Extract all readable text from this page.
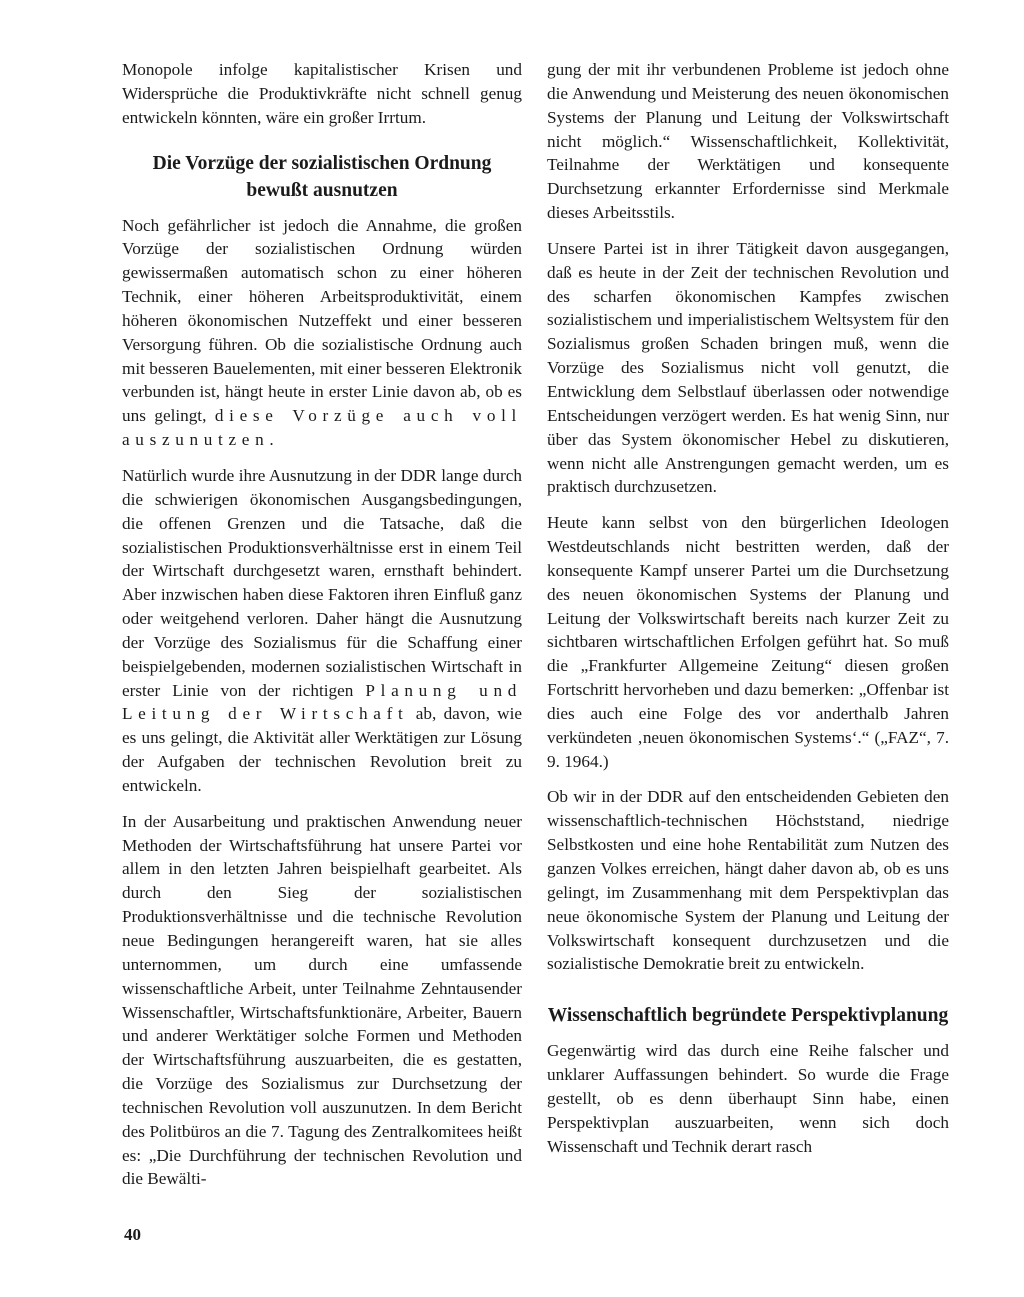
Monopole infolge kapitalistischer Krisen und Widersprüche die Produktivkräfte nicht schnell genug entwickeln könnten, wäre ein großer Irrtum.

Die Vorzüge der sozialistischen Ordnung bewußt ausnutzen

Noch gefährlicher ist jedoch die Annahme, die großen Vorzüge der sozialistischen Ordnung würden gewissermaßen automatisch schon zu einer höheren Technik, einer höheren Arbeitsproduktivität, einem höheren ökonomischen Nutzeffekt und einer besseren Versorgung führen. Ob die sozialistische Ordnung auch mit besseren Bauelementen, mit einer besseren Elektronik verbunden ist, hängt heute in erster Linie davon ab, ob es uns gelingt, diese Vorzüge auch voll auszunutzen.

Natürlich wurde ihre Ausnutzung in der DDR lange durch die schwierigen ökonomischen Ausgangsbedingungen, die offenen Grenzen und die Tatsache, daß die sozialistischen Produktionsverhältnisse erst in einem Teil der Wirtschaft durchgesetzt waren, ernsthaft behindert. Aber inzwischen haben diese Faktoren ihren Einfluß ganz oder weitgehend verloren. Daher hängt die Ausnutzung der Vorzüge des Sozialismus für die Schaffung einer beispielgebenden, modernen sozialistischen Wirtschaft in erster Linie von der richtigen Planung und Leitung der Wirtschaft ab, davon, wie es uns gelingt, die Aktivität aller Werktätigen zur Lösung der Aufgaben der technischen Revolution breit zu entwickeln.

In der Ausarbeitung und praktischen Anwendung neuer Methoden der Wirtschaftsführung hat unsere Partei vor allem in den letzten Jahren beispielhaft gearbeitet. Als durch den Sieg der sozialistischen Produktionsverhältnisse und die technische Revolution neue Bedingungen herangereift waren, hat sie alles unternommen, um durch eine umfassende wissenschaftliche Arbeit, unter Teilnahme Zehntausender Wissenschaftler, Wirtschaftsfunktionäre, Arbeiter, Bauern und anderer Werktätiger solche Formen und Methoden der Wirtschaftsführung auszuarbeiten, die es gestatten, die Vorzüge des Sozialismus zur Durchsetzung der technischen Revolution voll auszunutzen. In dem Bericht des Politbüros an die 7. Tagung des Zentralkomitees heißt es: „Die Durchführung der technischen Revolution und die Bewälti-

gung der mit ihr verbundenen Probleme ist jedoch ohne die Anwendung und Meisterung des neuen ökonomischen Systems der Planung und Leitung der Volkswirtschaft nicht möglich.“ Wissenschaftlichkeit, Kollektivität, Teilnahme der Werktätigen und konsequente Durchsetzung erkannter Erfordernisse sind Merkmale dieses Arbeitsstils.

Unsere Partei ist in ihrer Tätigkeit davon ausgegangen, daß es heute in der Zeit der technischen Revolution und des scharfen ökonomischen Kampfes zwischen sozialistischem und imperialistischem Weltsystem für den Sozialismus großen Schaden bringen muß, wenn die Vorzüge des Sozialismus nicht voll genutzt, die Entwicklung dem Selbstlauf überlassen oder notwendige Entscheidungen verzögert werden. Es hat wenig Sinn, nur über das System ökonomischer Hebel zu diskutieren, wenn nicht alle Anstrengungen gemacht werden, um es praktisch durchzusetzen.

Heute kann selbst von den bürgerlichen Ideologen Westdeutschlands nicht bestritten werden, daß der konsequente Kampf unserer Partei um die Durchsetzung des neuen ökonomischen Systems der Planung und Leitung der Volkswirtschaft bereits nach kurzer Zeit zu sichtbaren wirtschaftlichen Erfolgen geführt hat. So muß die „Frankfurter Allgemeine Zeitung“ diesen großen Fortschritt hervorheben und dazu bemerken: „Offenbar ist dies auch eine Folge des vor anderthalb Jahren verkündeten ‚neuen ökonomischen Systems‘.“ („FAZ“, 7. 9. 1964.)

Ob wir in der DDR auf den entscheidenden Gebieten den wissenschaftlich-technischen Höchststand, niedrige Selbstkosten und eine hohe Rentabilität zum Nutzen des ganzen Volkes erreichen, hängt daher davon ab, ob es uns gelingt, im Zusammenhang mit dem Perspektivplan das neue ökonomische System der Planung und Leitung der Volkswirtschaft konsequent durchzusetzen und die sozialistische Demokratie breit zu entwickeln.

Wissenschaftlich begründete Perspektivplanung

Gegenwärtig wird das durch eine Reihe falscher und unklarer Auffassungen behindert. So wurde die Frage gestellt, ob es denn überhaupt Sinn habe, einen Perspektivplan auszuarbeiten, wenn sich doch Wissenschaft und Technik derart rasch

40
